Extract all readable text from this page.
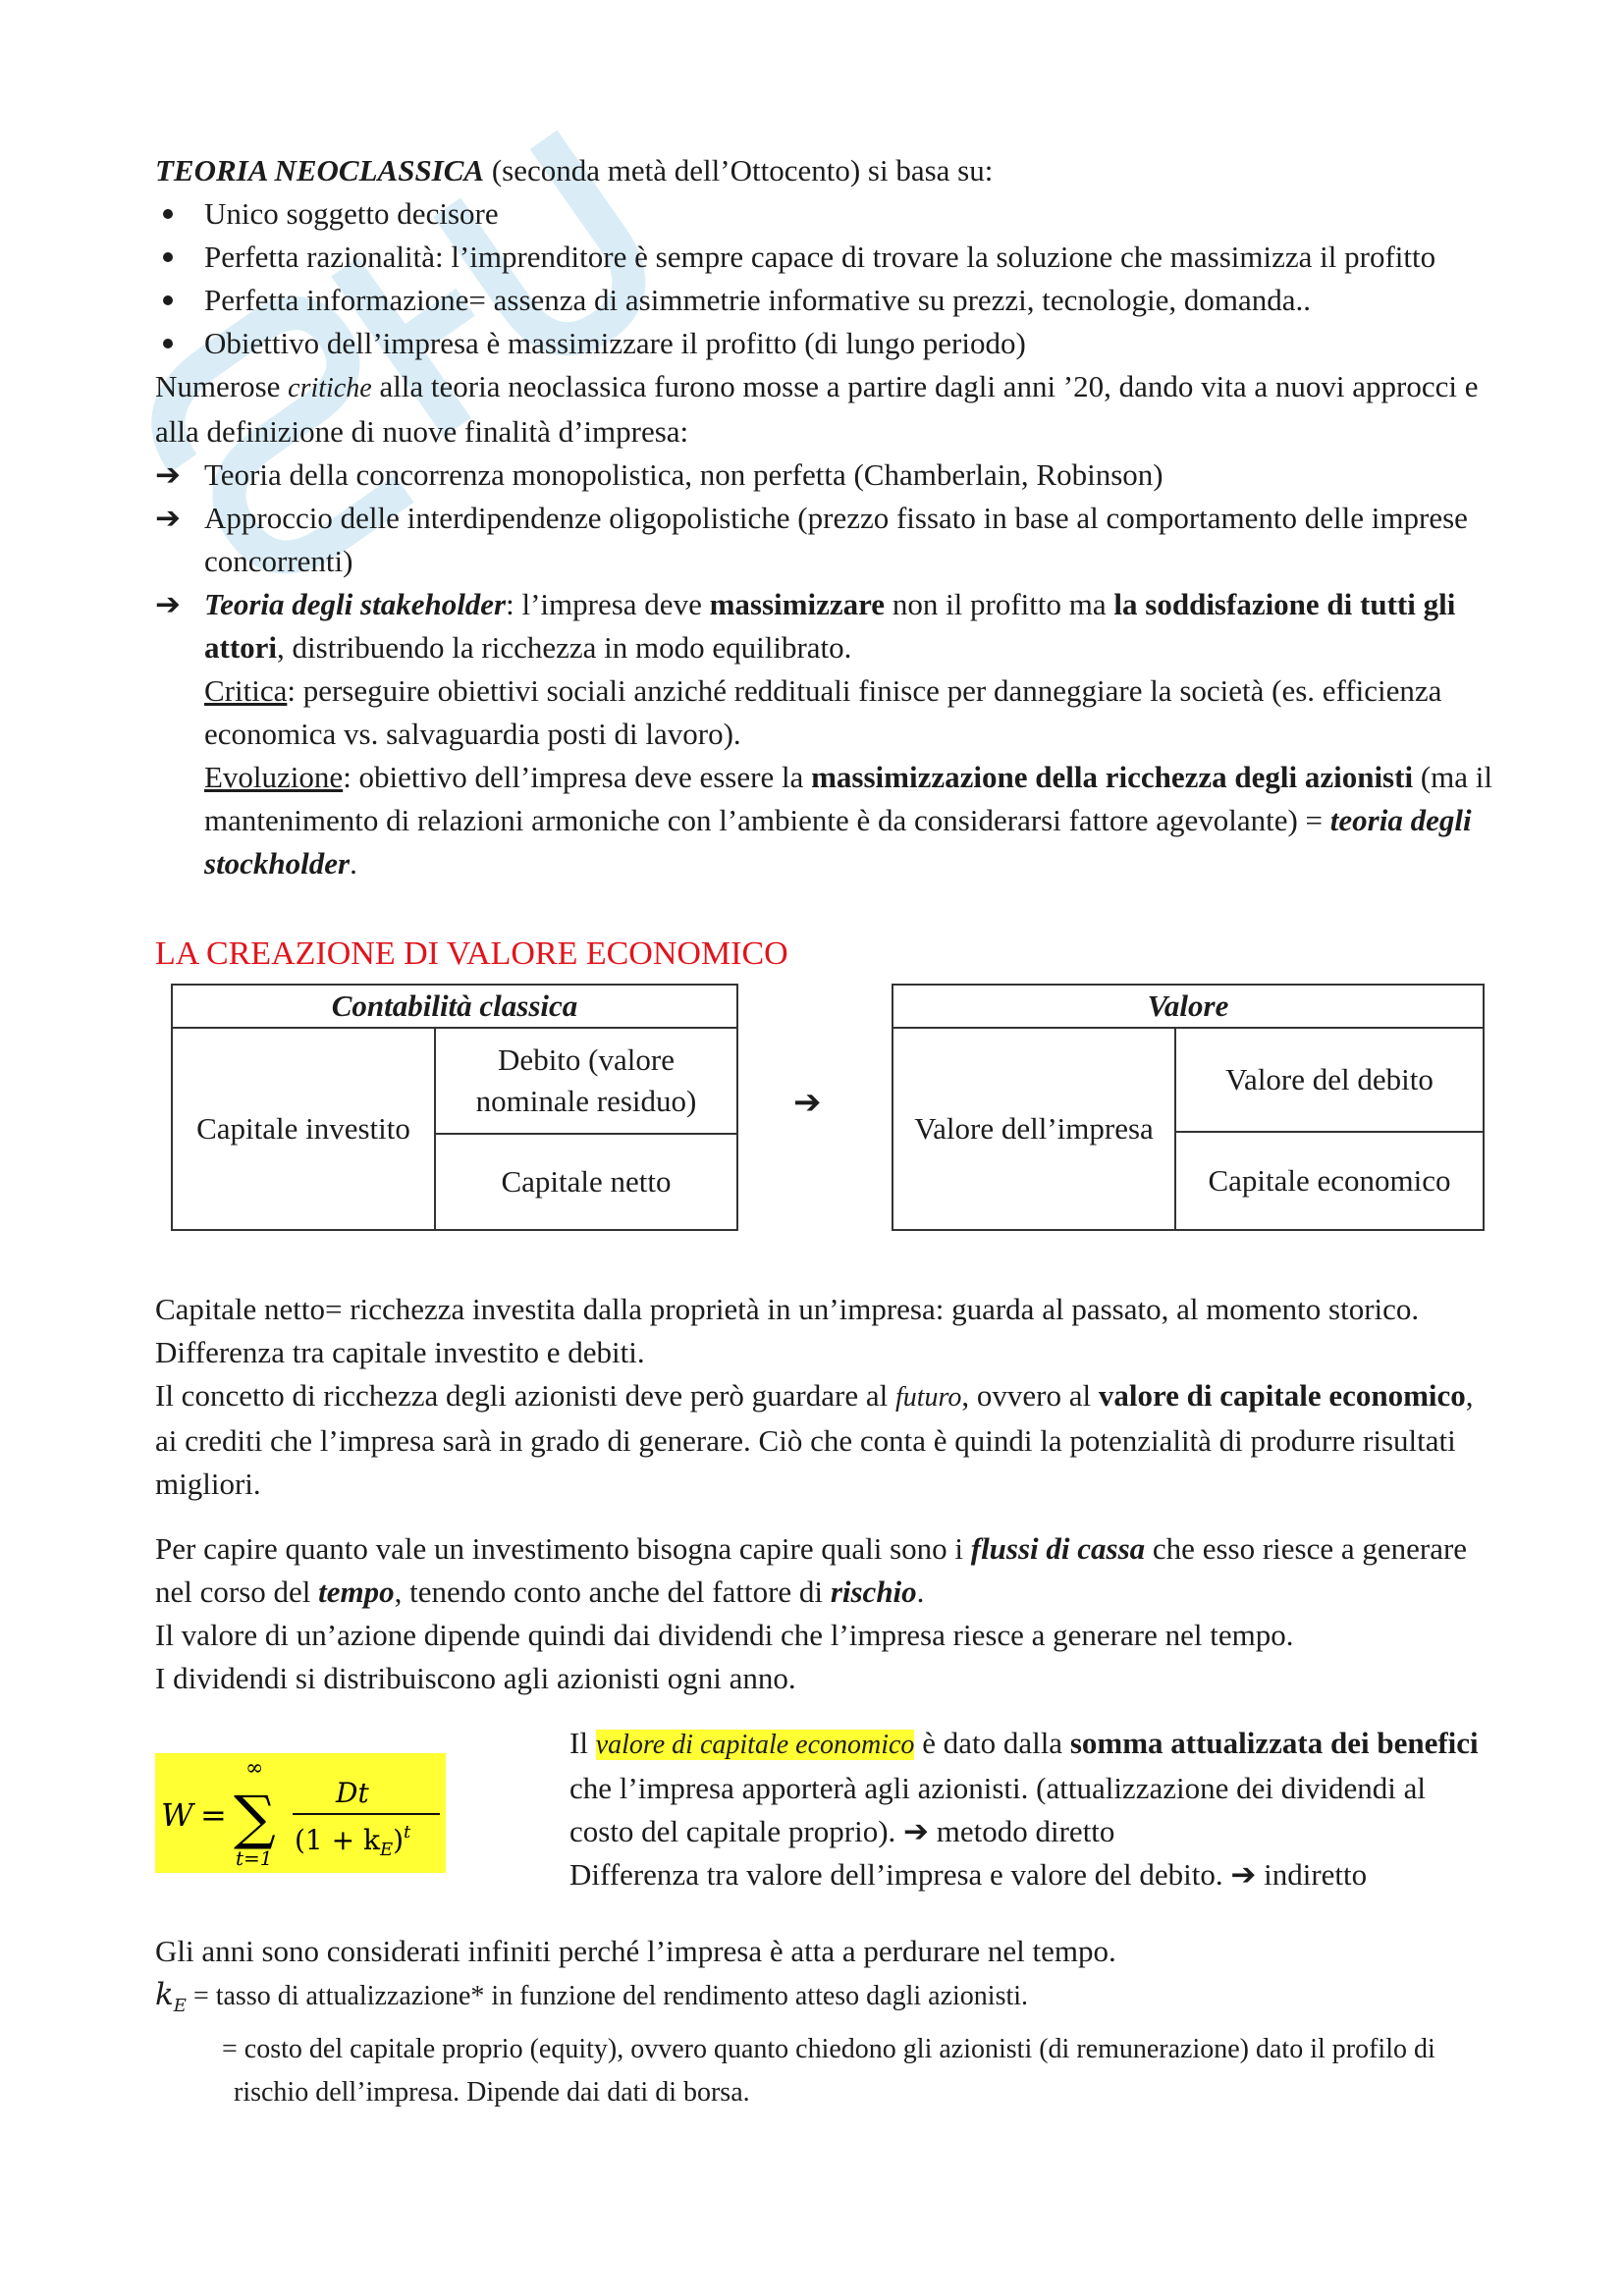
TEORIA NEOCLASSICA (seconda metà dell’Ottocento) si basa su:

Unico soggetto decisore

Perfetta razionalità: l’imprenditore è sempre capace di trovare la soluzione che massimizza il profitto

Perfetta informazione= assenza di asimmetrie informative su prezzi, tecnologie, domanda..

Obiettivo dell’impresa è massimizzare il profitto (di lungo periodo)

Numerose critiche alla teoria neoclassica furono mosse a partire dagli anni ’20, dando vita a nuovi approcci e alla definizione di nuove finalità d’impresa:

➔ Teoria della concorrenza monopolistica, non perfetta (Chamberlain, Robinson)

➔ Approccio delle interdipendenze oligopolistiche (prezzo fissato in base al comportamento delle imprese concorrenti)

➔ Teoria degli stakeholder: l’impresa deve massimizzare non il profitto ma la soddisfazione di tutti gli attori, distribuendo la ricchezza in modo equilibrato.

Critica: perseguire obiettivi sociali anziché reddituali finisce per danneggiare la società (es. efficienza economica vs. salvaguardia posti di lavoro).

Evoluzione: obiettivo dell’impresa deve essere la massimizzazione della ricchezza degli azionisti (ma il mantenimento di relazioni armoniche con l’ambiente è da considerarsi fattore agevolante) = teoria degli stockholder.

LA CREAZIONE DI VALORE ECONOMICO

Contabilità classica
Capitale investito	Debito (valore nominale residuo)
Capitale netto
➔
Valore
Valore dell’impresa	Valore del debito
Capitale economico

Capitale netto= ricchezza investita dalla proprietà in un’impresa: guarda al passato, al momento storico. Differenza tra capitale investito e debiti.

Il concetto di ricchezza degli azionisti deve però guardare al futuro, ovvero al valore di capitale economico, ai crediti che l’impresa sarà in grado di generare. Ciò che conta è quindi la potenzialità di produrre risultati migliori.

Per capire quanto vale un investimento bisogna capire quali sono i flussi di cassa che esso riesce a generare nel corso del tempo, tenendo conto anche del fattore di rischio.

Il valore di un’azione dipende quindi dai dividendi che l’impresa riesce a generare nel tempo.

I dividendi si distribuiscono agli azionisti ogni anno.

W =
∞
∑
t=1
Dt
$(1 + k_E)^t$

Il valore di capitale economico è dato dalla somma attualizzata dei benefici che l’impresa apporterà agli azionisti. (attualizzazione dei dividendi al costo del capitale proprio). ➔ metodo diretto

Differenza tra valore dell’impresa e valore del debito. ➔ indiretto

Gli anni sono considerati infiniti perché l’impresa è atta a perdurare nel tempo.

$k_E$ = tasso di attualizzazione* in funzione del rendimento atteso dagli azionisti.

= costo del capitale proprio (equity), ovvero quanto chiedono gli azionisti (di remunerazione) dato il profilo di rischio dell’impresa. Dipende dai dati di borsa.
